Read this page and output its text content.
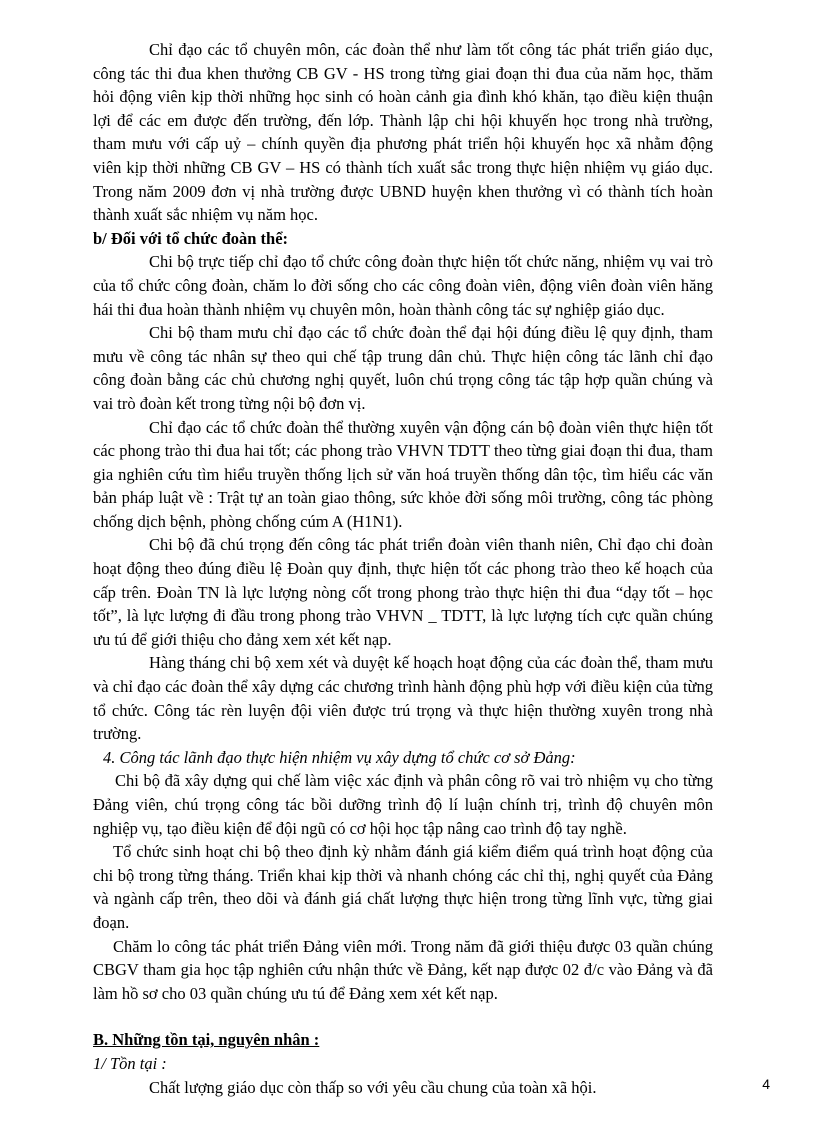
Chỉ đạo các tổ chuyên môn, các đoàn thể như làm tốt công tác phát triển giáo dục, công tác thi đua khen thưởng CB GV - HS trong từng giai đoạn thi đua của năm học, thăm hỏi động viên kịp thời những học sinh có hoàn cảnh gia đình khó khăn, tạo điều kiện thuận lợi để các em được đến trường, đến lớp. Thành lập chi hội khuyến học trong nhà trường, tham mưu với cấp uỷ – chính quyền địa phương phát triển hội khuyến học xã nhằm động viên kịp thời những CB GV – HS có thành tích xuất sắc trong thực hiện nhiệm vụ giáo dục. Trong năm 2009 đơn vị nhà trường được UBND huyện khen thưởng vì có thành tích hoàn thành xuất sắc nhiệm vụ năm học.

b/ Đối với tổ chức đoàn thể:

Chi bộ trực tiếp chỉ đạo tổ chức công đoàn thực hiện tốt chức năng, nhiệm vụ vai trò của tổ chức công đoàn, chăm lo đời sống cho các công đoàn viên, động viên đoàn viên hăng hái thi đua hoàn thành nhiệm vụ chuyên môn, hoàn thành công tác sự nghiệp giáo dục.

Chi bộ tham mưu chỉ đạo các tổ chức đoàn thể đại hội đúng điều lệ quy định, tham mưu về công tác nhân sự theo qui chế tập trung dân chủ. Thực hiện công tác lãnh chỉ đạo công đoàn bằng các chủ chương nghị quyết, luôn chú trọng công tác tập hợp quần chúng và vai trò đoàn kết trong từng nội bộ đơn vị.

Chỉ đạo các tổ chức đoàn thể thường xuyên vận động cán bộ đoàn viên thực hiện tốt các phong trào thi đua hai tốt; các phong trào VHVN TDTT theo từng giai đoạn thi đua, tham gia nghiên cứu tìm hiểu truyền thống lịch sử văn hoá truyền thống dân tộc, tìm hiểu các văn bản pháp luật về : Trật tự an toàn giao thông, sức khỏe đời sống môi trường, công tác phòng chống dịch bệnh, phòng chống cúm A (H1N1).

Chi bộ đã chú trọng đến công tác phát triển đoàn viên thanh niên, Chỉ đạo chi đoàn hoạt động theo đúng điều lệ Đoàn quy định, thực hiện tốt các phong trào theo kế hoạch của cấp trên. Đoàn TN là lực lượng nòng cốt trong phong trào thực hiện thi đua “dạy tốt – học tốt”, là lực lượng đi đầu trong phong trào VHVN _ TDTT, là lực lượng tích cực quần chúng ưu tú để giới thiệu cho đảng xem xét kết nạp.

Hàng tháng chi bộ xem xét và duyệt kế hoạch hoạt động của các đoàn thể, tham mưu và chỉ đạo các đoàn thể xây dựng các chương trình hành động phù hợp với điều kiện của từng tổ chức. Công tác rèn luyện đội viên được trú trọng và thực hiện thường xuyên trong nhà trường.

4. Công tác lãnh đạo thực hiện nhiệm vụ xây dựng tổ chức cơ sở Đảng:

Chi bộ đã xây dựng qui chế làm việc xác định và phân công rõ vai trò nhiệm vụ cho từng Đảng viên, chú trọng công tác bồi dưỡng trình độ lí luận chính trị, trình độ chuyên môn nghiệp vụ, tạo điều kiện để đội ngũ có cơ hội học tập nâng cao trình độ tay nghề.

Tổ chức sinh hoạt chi bộ theo định kỳ nhằm đánh giá kiểm điểm quá trình hoạt động của chi bộ trong từng tháng. Triển khai kịp thời và nhanh chóng các chỉ thị, nghị quyết của Đảng và ngành cấp trên, theo dõi và đánh giá chất lượng thực hiện trong từng lĩnh vực, từng giai đoạn.

Chăm lo công tác phát triển Đảng viên mới. Trong năm đã giới thiệu được 03 quần chúng CBGV tham gia học tập nghiên cứu nhận thức về Đảng, kết nạp được 02 đ/c vào Đảng và đã làm hồ sơ cho 03 quần chúng ưu tú để Đảng xem xét kết nạp.

B. Những tồn tại, nguyên nhân :

1/ Tồn tại :

Chất lượng giáo dục còn thấp so với yêu cầu chung của toàn xã hội.	4
